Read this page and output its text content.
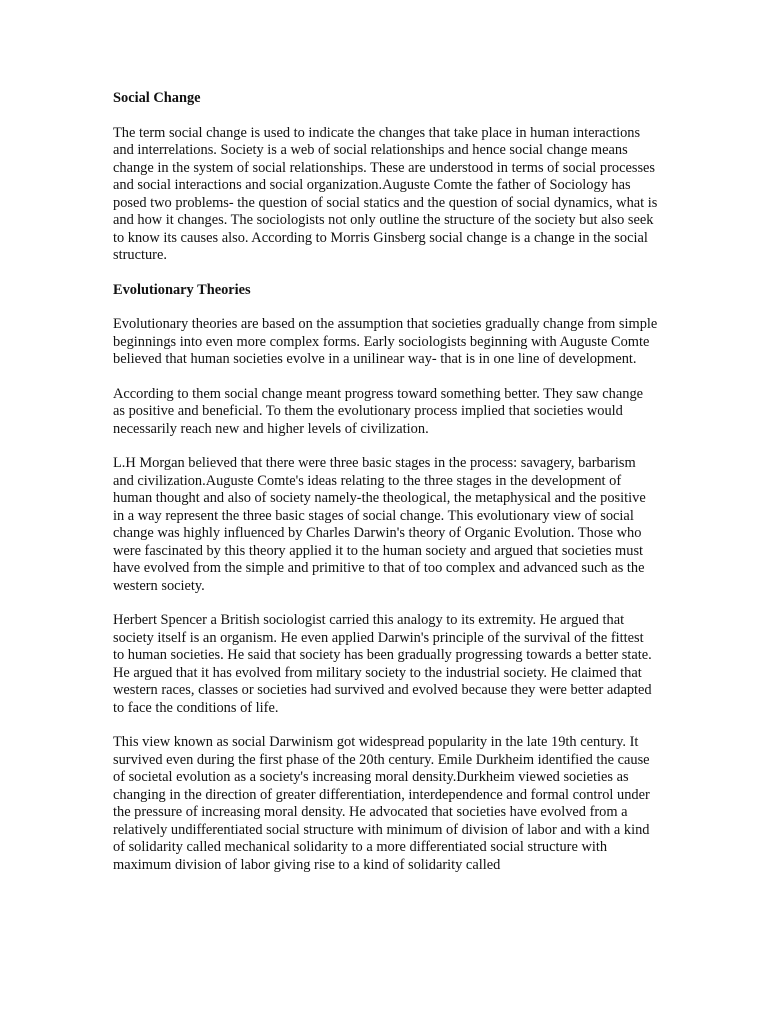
Social Change
The term social change is used to indicate the changes that take place in human interactions and interrelations. Society is a web of social relationships and hence social change means change in the system of social relationships. These are understood in terms of social processes and social interactions and social organization.Auguste Comte the father of Sociology has posed two problems- the question of social statics and the question of social dynamics, what is and how it changes. The sociologists not only outline the structure of the society but also seek to know its causes also. According to Morris Ginsberg social change is a change in the social structure.
Evolutionary Theories
Evolutionary theories are based on the assumption that societies gradually change from simple beginnings into even more complex forms. Early sociologists beginning with Auguste Comte believed that human societies evolve in a unilinear way- that is in one line of development.
According to them social change meant progress toward something better. They saw change as positive and beneficial. To them the evolutionary process implied that societies would necessarily reach new and higher levels of civilization.
L.H Morgan believed that there were three basic stages in the process: savagery, barbarism and civilization.Auguste Comte's ideas relating to the three stages in the development of human thought and also of society namely-the theological, the metaphysical and the positive in a way represent the three basic stages of social change. This evolutionary view of social change was highly influenced by Charles Darwin's theory of Organic Evolution. Those who were fascinated by this theory applied it to the human society and argued that societies must have evolved from the simple and primitive to that of too complex and advanced such as the western society.
Herbert Spencer a British sociologist carried this analogy to its extremity. He argued that society itself is an organism. He even applied Darwin's principle of the survival of the fittest to human societies. He said that society has been gradually progressing towards a better state. He argued that it has evolved from military society to the industrial society. He claimed that western races, classes or societies had survived and evolved because they were better adapted to face the conditions of life.
This view known as social Darwinism got widespread popularity in the late 19th century. It survived even during the first phase of the 20th century. Emile Durkheim identified the cause of societal evolution as a society's increasing moral density.Durkheim viewed societies as changing in the direction of greater differentiation, interdependence and formal control under the pressure of increasing moral density. He advocated that societies have evolved from a relatively undifferentiated social structure with minimum of division of labor and with a kind of solidarity called mechanical solidarity to a more differentiated social structure with maximum division of labor giving rise to a kind of solidarity called
